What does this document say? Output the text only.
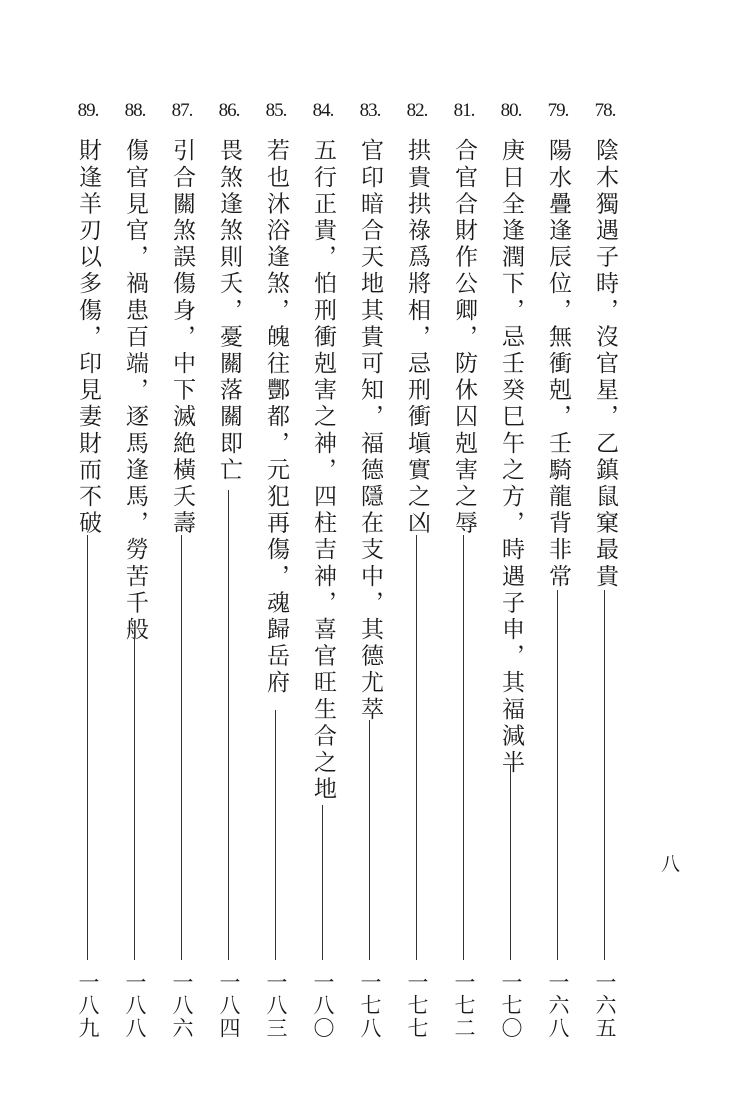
78.
陰木獨遇子時，沒官星，乙鎮鼠窠最貴
一六五
79.
陽水疊逢辰位，無衝剋，壬騎龍背非常
一六八
80.
庚日全逢潤下，忌壬癸巳午之方，時遇子申，其福減半
一七〇
81.
合官合財作公卿，防休囚剋害之辱
一七二
82.
拱貴拱祿爲將相，忌刑衝塡實之凶
一七七
83.
官印暗合天地其貴可知，福德隱在支中，其德尤萃
一七八
84.
五行正貴，怕刑衝剋害之神，四柱吉神，喜官旺生合之地
一八〇
85.
若也沐浴逢煞，魄往酆都，元犯再傷，魂歸岳府
一八三
86.
畏煞逢煞則夭，憂關落關即亡
一八四
87.
引合關煞誤傷身，中下滅絶橫夭壽
一八六
88.
傷官見官，禍患百端，逐馬逢馬，勞苦千般
一八八
89.
財逢羊刃以多傷，印見妻財而不破
一八九
八
